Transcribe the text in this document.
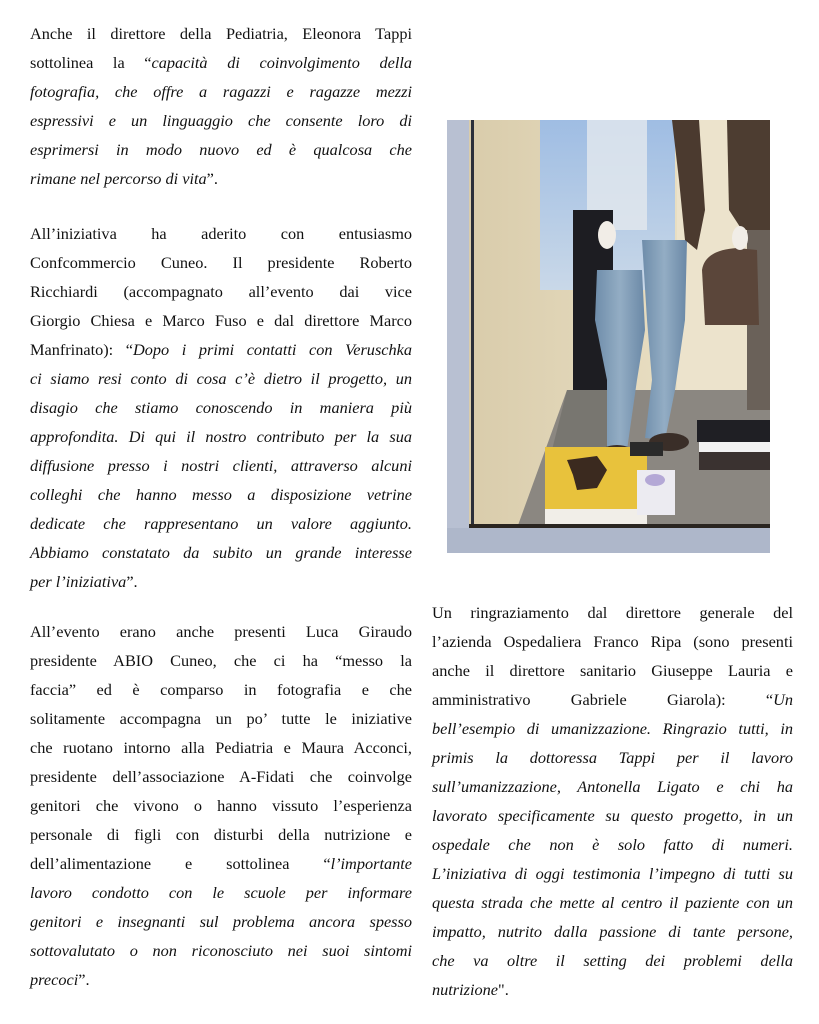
Anche il direttore della Pediatria, Eleonora Tappi
sottolinea la “capacità di coinvolgimento della
fotografia, che offre a ragazzi e ragazze mezzi
espressivi e un linguaggio che consente loro di
esprimersi in modo nuovo ed è qualcosa che
rimane nel percorso di vita”.

All’iniziativa ha aderito con entusiasmo
Confcommercio Cuneo. Il presidente Roberto
Ricchiardi (accompagnato all’evento dai vice
Giorgio Chiesa e Marco Fuso e dal direttore Marco
Manfrinato): “Dopo i primi contatti con Veruschka
ci siamo resi conto di cosa c’è dietro il progetto, un
disagio che stiamo conoscendo in maniera più
approfondita. Di qui il nostro contributo per la sua
diffusione presso i nostri clienti, attraverso alcuni
colleghi che hanno messo a disposizione vetrine
dedicate che rappresentano un valore aggiunto.
Abbiamo constatato da subito un grande interesse
per l’iniziativa”.

All’evento erano anche presenti Luca Giraudo
presidente ABIO Cuneo, che ci ha “messo la
faccia” ed è comparso in fotografia e che
solitamente accompagna un po’ tutte le iniziative
che ruotano intorno alla Pediatria e Maura Acconci,
presidente dell’associazione A-Fidati che coinvolge
genitori che vivono o hanno vissuto l’esperienza
personale di figli con disturbi della nutrizione e
dell’alimentazione e sottolinea “l’importante
lavoro condotto con le scuole per informare
genitori e insegnanti sul problema ancora spesso
sottovalutato o non riconosciuto nei suoi sintomi
precoci”.

Un ringraziamento dal direttore generale del
l’azienda Ospedaliera Franco Ripa (sono presenti
anche il direttore sanitario Giuseppe Lauria e
amministrativo Gabriele Giarola): “Un
bell’esempio di umanizzazione. Ringrazio tutti, in
primis la dottoressa Tappi per il lavoro
sull’umanizzazione, Antonella Ligato e chi ha
lavorato specificamente su questo progetto, in un
ospedale che non è solo fatto di numeri.
L’iniziativa di oggi testimonia l’impegno di tutti su
questa strada che mette al centro il paziente con un
impatto, nutrito dalla passione di tante persone,
che va oltre il setting dei problemi della
nutrizione".
